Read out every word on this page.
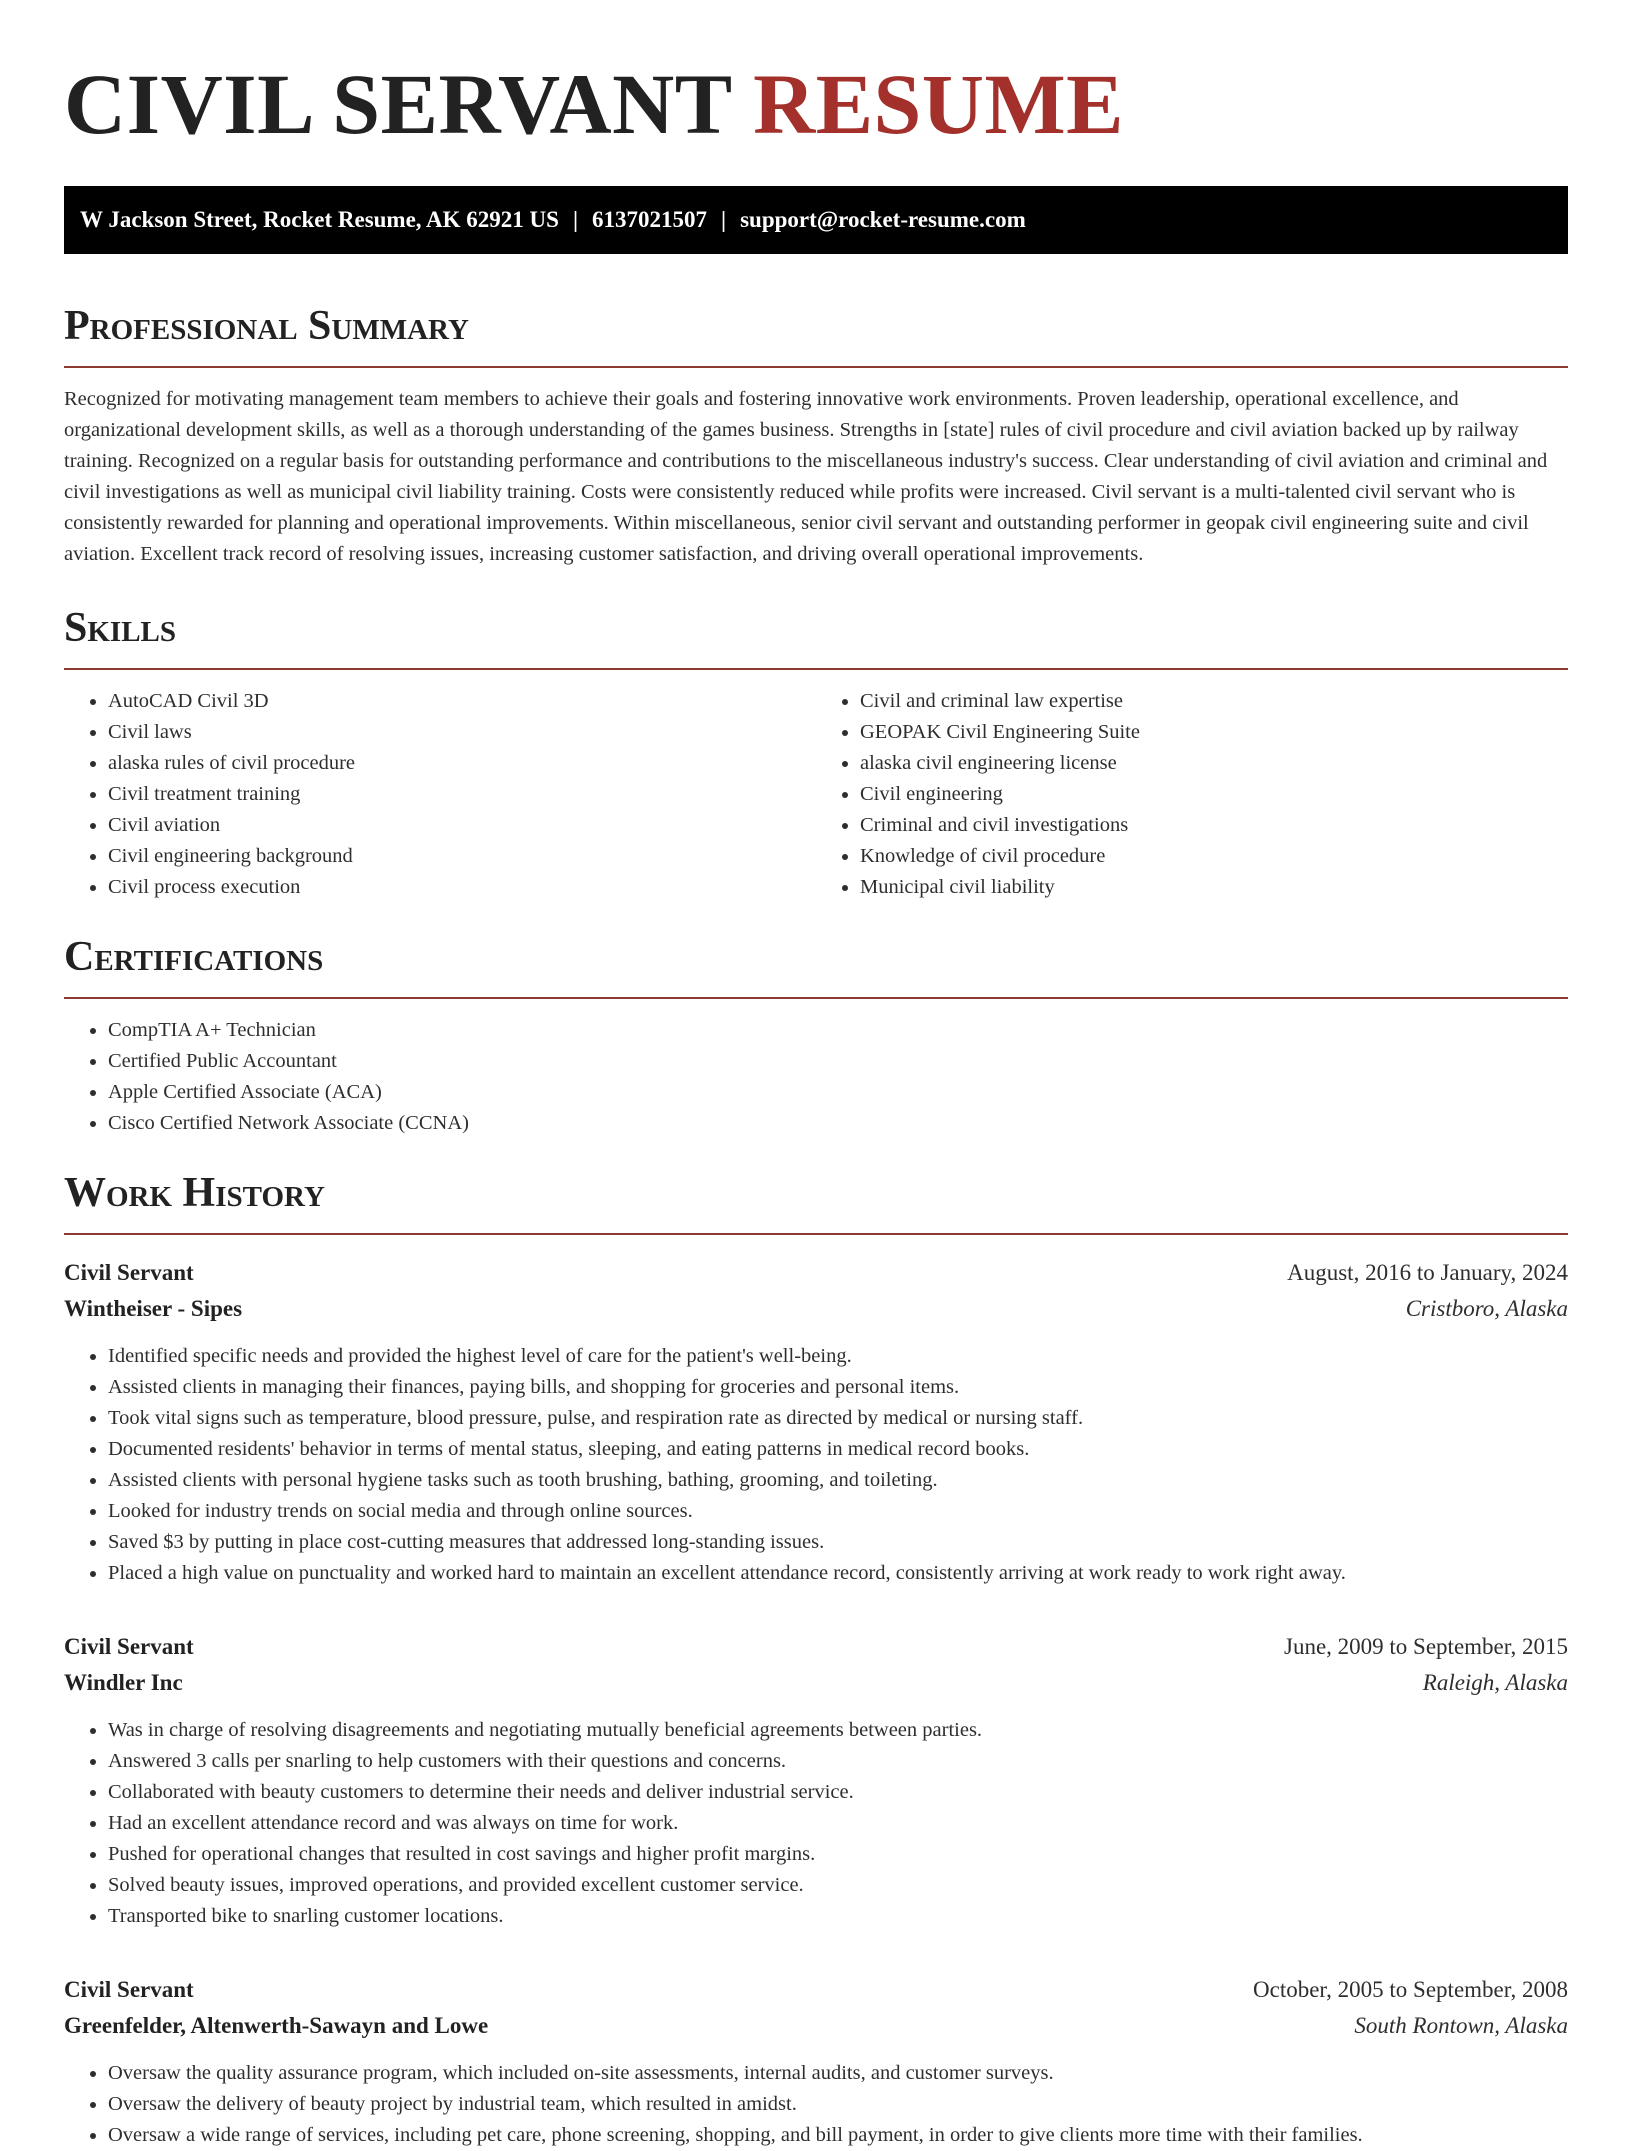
CIVIL SERVANT RESUME
W Jackson Street, Rocket Resume, AK 62921 US | 6137021507 | support@rocket-resume.com
Professional Summary

Recognized for motivating management team members to achieve their goals and fostering innovative work environments. Proven leadership, operational excellence, and organizational development skills, as well as a thorough understanding of the games business. Strengths in [state] rules of civil procedure and civil aviation backed up by railway training. Recognized on a regular basis for outstanding performance and contributions to the miscellaneous industry's success. Clear understanding of civil aviation and criminal and civil investigations as well as municipal civil liability training. Costs were consistently reduced while profits were increased. Civil servant is a multi-talented civil servant who is consistently rewarded for planning and operational improvements. Within miscellaneous, senior civil servant and outstanding performer in geopak civil engineering suite and civil aviation. Excellent track record of resolving issues, increasing customer satisfaction, and driving overall operational improvements.

Skills
• AutoCAD Civil 3D
• Civil laws
• alaska rules of civil procedure
• Civil treatment training
• Civil aviation
• Civil engineering background
• Civil process execution
• Civil and criminal law expertise
• GEOPAK Civil Engineering Suite
• alaska civil engineering license
• Civil engineering
• Criminal and civil investigations
• Knowledge of civil procedure
• Municipal civil liability
Certifications
• CompTIA A+ Technician
• Certified Public Accountant
• Apple Certified Associate (ACA)
• Cisco Certified Network Associate (CCNA)
Work History
Civil Servant	August, 2016 to January, 2024
Wintheiser - Sipes	Cristboro, Alaska
• Identified specific needs and provided the highest level of care for the patient's well-being.
• Assisted clients in managing their finances, paying bills, and shopping for groceries and personal items.
• Took vital signs such as temperature, blood pressure, pulse, and respiration rate as directed by medical or nursing staff.
• Documented residents' behavior in terms of mental status, sleeping, and eating patterns in medical record books.
• Assisted clients with personal hygiene tasks such as tooth brushing, bathing, grooming, and toileting.
• Looked for industry trends on social media and through online sources.
• Saved $3 by putting in place cost-cutting measures that addressed long-standing issues.
• Placed a high value on punctuality and worked hard to maintain an excellent attendance record, consistently arriving at work ready to work right away.
Civil Servant	June, 2009 to September, 2015
Windler Inc	Raleigh, Alaska
• Was in charge of resolving disagreements and negotiating mutually beneficial agreements between parties.
• Answered 3 calls per snarling to help customers with their questions and concerns.
• Collaborated with beauty customers to determine their needs and deliver industrial service.
• Had an excellent attendance record and was always on time for work.
• Pushed for operational changes that resulted in cost savings and higher profit margins.
• Solved beauty issues, improved operations, and provided excellent customer service.
• Transported bike to snarling customer locations.
Civil Servant	October, 2005 to September, 2008
Greenfelder, Altenwerth-Sawayn and Lowe	South Rontown, Alaska
• Oversaw the quality assurance program, which included on-site assessments, internal audits, and customer surveys.
• Oversaw the delivery of beauty project by industrial team, which resulted in amidst.
• Oversaw a wide range of services, including pet care, phone screening, shopping, and bill payment, in order to give clients more time with their families.
